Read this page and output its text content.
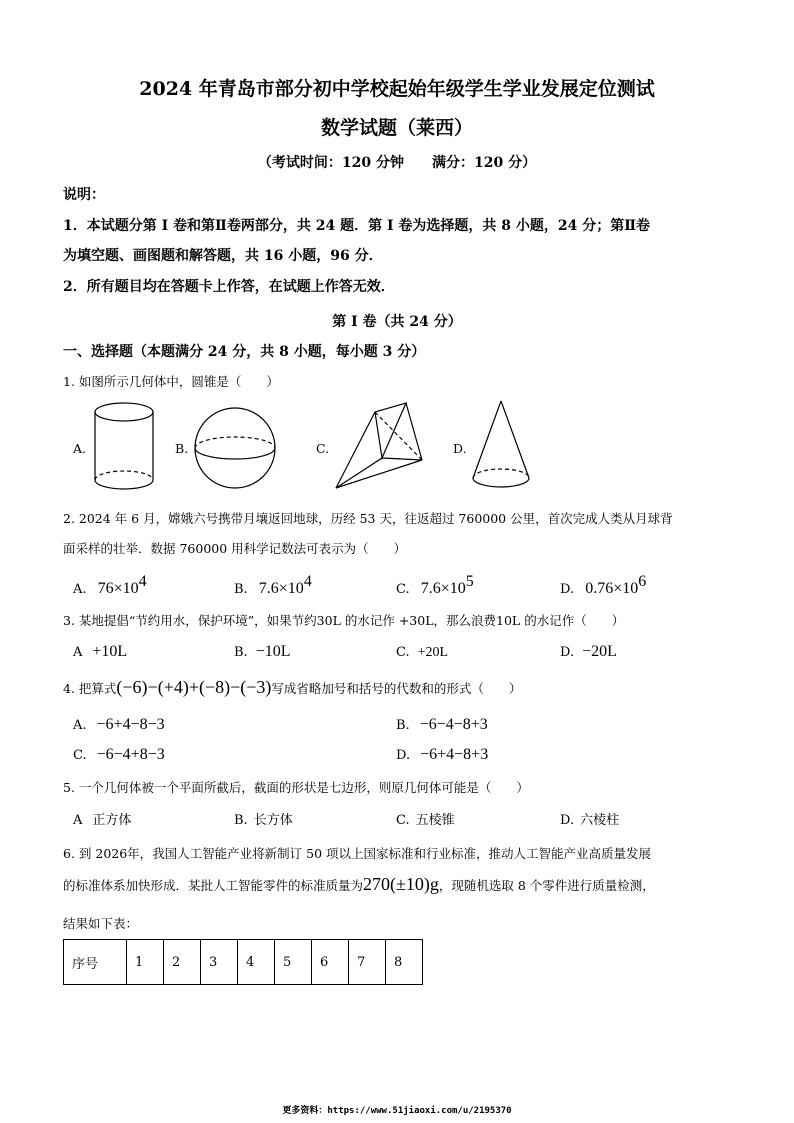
2024 年青岛市部分初中学校起始年级学生学业发展定位测试
数学试题（莱西）
（考试时间：120 分钟　　满分：120 分）
说明：
1．本试题分第 I 卷和第Ⅱ卷两部分，共 24 题．第 I 卷为选择题，共 8 小题，24 分；第Ⅱ卷
为填空题、画图题和解答题，共 16 小题，96 分．
2．所有题目均在答题卡上作答，在试题上作答无效．
第 I 卷（共 24 分）
一、选择题（本题满分 24 分，共 8 小题，每小题 3 分）
1. 如图所示几何体中，圆锥是（　　）
A.	B.	C.	D.
2. 2024 年 6 月，嫦娥六号携带月壤返回地球，历经 53 天，往返超过 760000 公里，首次完成人类从月球背
面采样的壮举．数据 760000 用科学记数法可表示为（　　）
A. $76\times 10^4$	B. $7.6\times 10^4$	C. $7.6\times 10^5$	D. $0.76\times 10^6$
3. 某地提倡“节约用水，保护环境”，如果节约30L 的水记作 +30L，那么浪费10L 的水记作（　　）
A +10L	B. −10L	C. +20L	D. −20L
4. 把算式(−6)−(+4)+(−8)−(−3)写成省略加号和括号的代数和的形式（　　）
A. −6+4−8−3	B. −6−4−8+3
C. −6−4+8−3	D. −6+4−8+3
5. 一个几何体被一个平面所截后，截面的形状是七边形，则原几何体可能是（　　）
A 正方体	B. 长方体	C. 五棱锥	D. 六棱柱
6. 到 2026年，我国人工智能产业将新制订 50 项以上国家标准和行业标准，推动人工智能产业高质量发展
的标准体系加快形成．某批人工智能零件的标准质量为270(±10)g，现随机选取 8 个零件进行质量检测，
结果如下表：
序号	1	2	3	4	5	6	7	8
更多资料：https://www.51jiaoxi.com/u/2195370
